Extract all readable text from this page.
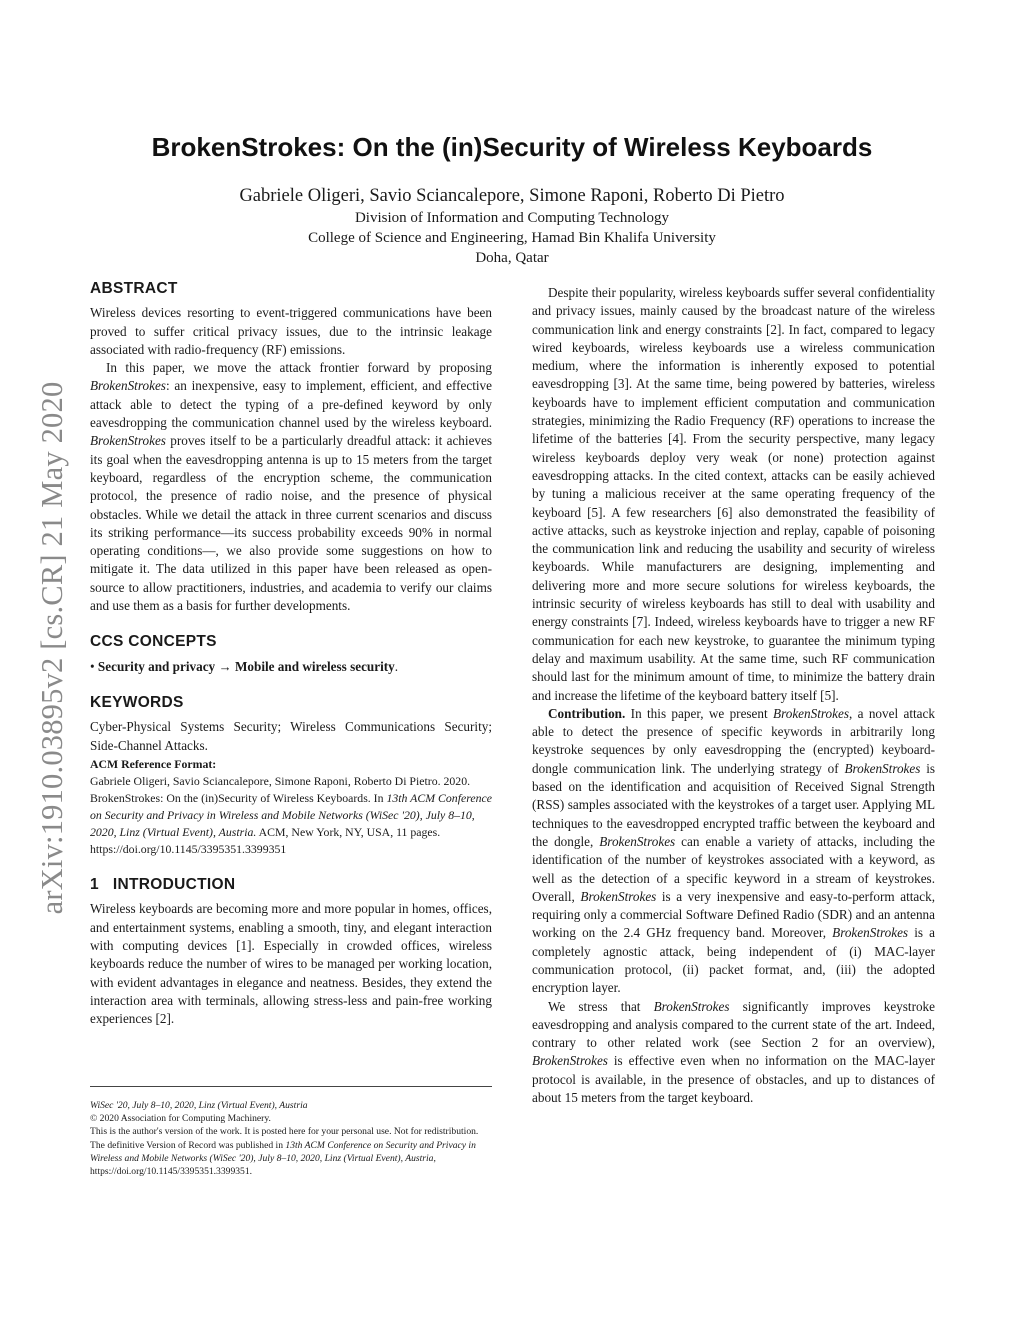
arXiv:1910.03895v2 [cs.CR] 21 May 2020
BrokenStrokes: On the (in)Security of Wireless Keyboards
Gabriele Oligeri, Savio Sciancalepore, Simone Raponi, Roberto Di Pietro
Division of Information and Computing Technology
College of Science and Engineering, Hamad Bin Khalifa University
Doha, Qatar
ABSTRACT

Wireless devices resorting to event-triggered communications have been proved to suffer critical privacy issues, due to the intrinsic leakage associated with radio-frequency (RF) emissions.

In this paper, we move the attack frontier forward by proposing BrokenStrokes: an inexpensive, easy to implement, efficient, and effective attack able to detect the typing of a pre-defined keyword by only eavesdropping the communication channel used by the wireless keyboard. BrokenStrokes proves itself to be a particularly dreadful attack: it achieves its goal when the eavesdropping antenna is up to 15 meters from the target keyboard, regardless of the encryption scheme, the communication protocol, the presence of radio noise, and the presence of physical obstacles. While we detail the attack in three current scenarios and discuss its striking performance—its success probability exceeds 90% in normal operating conditions—, we also provide some suggestions on how to mitigate it. The data utilized in this paper have been released as open-source to allow practitioners, industries, and academia to verify our claims and use them as a basis for further developments.

CCS CONCEPTS

• Security and privacy → Mobile and wireless security.

KEYWORDS

Cyber-Physical Systems Security; Wireless Communications Security; Side-Channel Attacks.

ACM Reference Format:

Gabriele Oligeri, Savio Sciancalepore, Simone Raponi, Roberto Di Pietro. 2020. BrokenStrokes: On the (in)Security of Wireless Keyboards. In 13th ACM Conference on Security and Privacy in Wireless and Mobile Networks (WiSec '20), July 8–10, 2020, Linz (Virtual Event), Austria. ACM, New York, NY, USA, 11 pages. https://doi.org/10.1145/3395351.3399351

1 INTRODUCTION

Wireless keyboards are becoming more and more popular in homes, offices, and entertainment systems, enabling a smooth, tiny, and elegant interaction with computing devices [1]. Especially in crowded offices, wireless keyboards reduce the number of wires to be managed per working location, with evident advantages in elegance and neatness. Besides, they extend the interaction area with terminals, allowing stress-less and pain-free working experiences [2].

WiSec '20, July 8–10, 2020, Linz (Virtual Event), Austria

© 2020 Association for Computing Machinery.

This is the author's version of the work. It is posted here for your personal use. Not for redistribution. The definitive Version of Record was published in 13th ACM Conference on Security and Privacy in Wireless and Mobile Networks (WiSec '20), July 8–10, 2020, Linz (Virtual Event), Austria, https://doi.org/10.1145/3395351.3399351.

Despite their popularity, wireless keyboards suffer several confidentiality and privacy issues, mainly caused by the broadcast nature of the wireless communication link and energy constraints [2]. In fact, compared to legacy wired keyboards, wireless keyboards use a wireless communication medium, where the information is inherently exposed to potential eavesdropping [3]. At the same time, being powered by batteries, wireless keyboards have to implement efficient computation and communication strategies, minimizing the Radio Frequency (RF) operations to increase the lifetime of the batteries [4]. From the security perspective, many legacy wireless keyboards deploy very weak (or none) protection against eavesdropping attacks. In the cited context, attacks can be easily achieved by tuning a malicious receiver at the same operating frequency of the keyboard [5]. A few researchers [6] also demonstrated the feasibility of active attacks, such as keystroke injection and replay, capable of poisoning the communication link and reducing the usability and security of wireless keyboards. While manufacturers are designing, implementing and delivering more and more secure solutions for wireless keyboards, the intrinsic security of wireless keyboards has still to deal with usability and energy constraints [7]. Indeed, wireless keyboards have to trigger a new RF communication for each new keystroke, to guarantee the minimum typing delay and maximum usability. At the same time, such RF communication should last for the minimum amount of time, to minimize the battery drain and increase the lifetime of the keyboard battery itself [5].

Contribution. In this paper, we present BrokenStrokes, a novel attack able to detect the presence of specific keywords in arbitrarily long keystroke sequences by only eavesdropping the (encrypted) keyboard-dongle communication link. The underlying strategy of BrokenStrokes is based on the identification and acquisition of Received Signal Strength (RSS) samples associated with the keystrokes of a target user. Applying ML techniques to the eavesdropped encrypted traffic between the keyboard and the dongle, BrokenStrokes can enable a variety of attacks, including the identification of the number of keystrokes associated with a keyword, as well as the detection of a specific keyword in a stream of keystrokes. Overall, BrokenStrokes is a very inexpensive and easy-to-perform attack, requiring only a commercial Software Defined Radio (SDR) and an antenna working on the 2.4 GHz frequency band. Moreover, BrokenStrokes is a completely agnostic attack, being independent of (i) MAC-layer communication protocol, (ii) packet format, and, (iii) the adopted encryption layer.

We stress that BrokenStrokes significantly improves keystroke eavesdropping and analysis compared to the current state of the art. Indeed, contrary to other related work (see Section 2 for an overview), BrokenStrokes is effective even when no information on the MAC-layer protocol is available, in the presence of obstacles, and up to distances of about 15 meters from the target keyboard.
